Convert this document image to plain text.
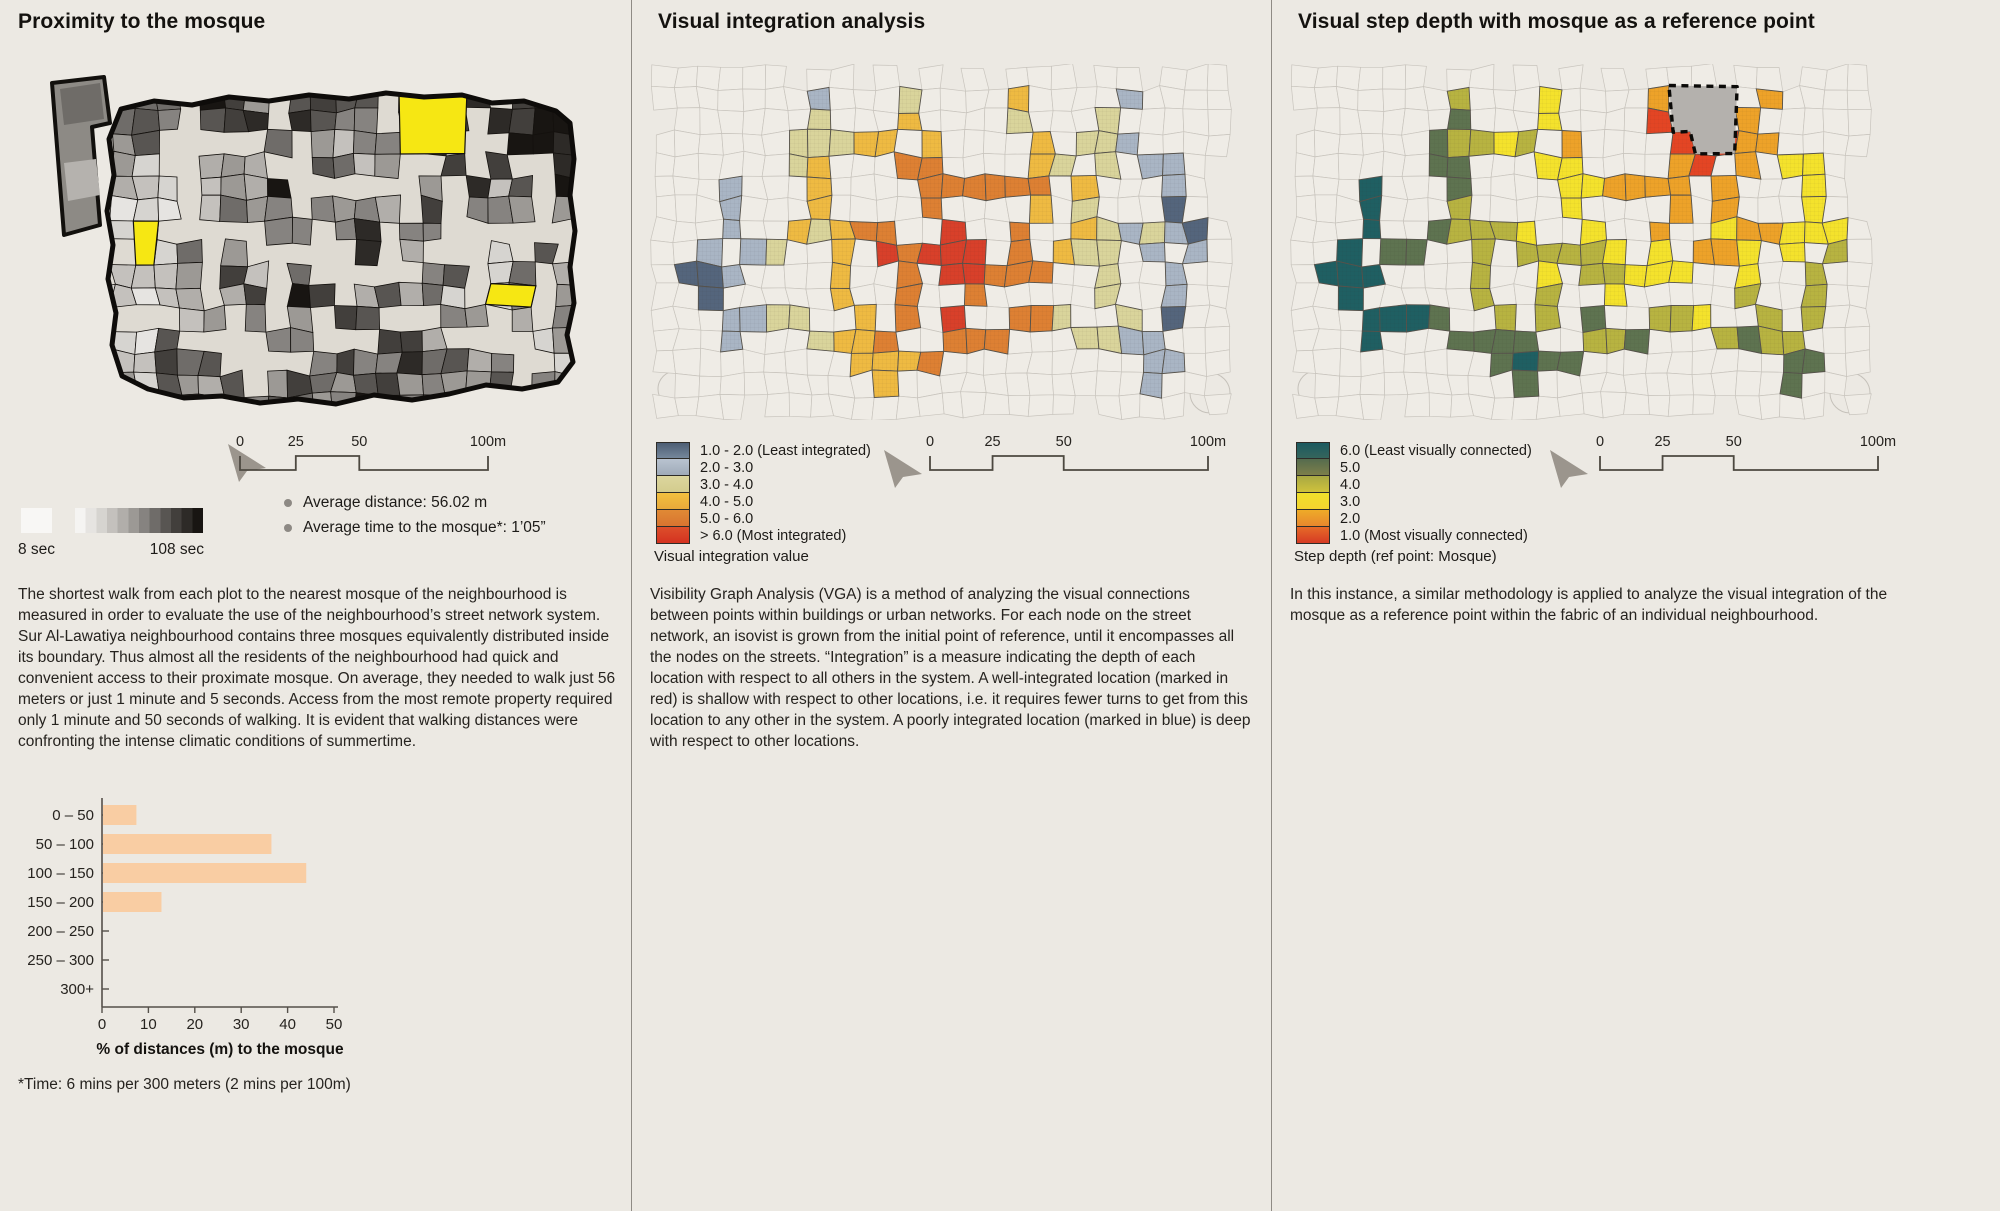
Proximity to the mosque
0	25	50	100m
Average distance: 56.02 m
Average time to the mosque*: 1’05”
8 sec	108 sec
The shortest walk from each plot to the nearest mosque of the neighbourhood is measured in order to evaluate the use of the neighbourhood’s street network system. Sur Al-Lawatiya neighbourhood contains three mosques equivalently distributed inside its boundary. Thus almost all the residents of the neighbourhood had quick and convenient access to their proximate mosque. On average, they needed to walk just 56 meters or just 1 minute and 5 seconds. Access from the most remote property required only 1 minute and 50 seconds of walking. It is evident that walking distances were confronting the intense climatic conditions of summertime.
0 – 50
50 – 100
100 – 150
150 – 200
200 – 250
250 – 300
300+
0 10 20 30 40 50
% of distances (m) to the mosque
*Time: 6 mins per 300 meters (2 mins per 100m)
Visual integration analysis
1.0 - 2.0 (Least integrated)
2.0 - 3.0
3.0 - 4.0
4.0 - 5.0
5.0 - 6.0
> 6.0 (Most integrated)
Visual integration value
0	25	50	100m
Visibility Graph Analysis (VGA) is a method of analyzing the visual connections between points within buildings or urban networks. For each node on the street network, an isovist is grown from the initial point of reference, until it encompasses all the nodes on the streets. “Integration” is a measure indicating the depth of each location with respect to all others in the system. A well-integrated location (marked in red) is shallow with respect to other locations, i.e. it requires fewer turns to get from this location to any other in the system. A poorly integrated location (marked in blue) is deep with respect to other locations.
Visual step depth with mosque as a reference point
6.0 (Least visually connected)
5.0
4.0
3.0
2.0
1.0 (Most visually connected)
Step depth (ref point: Mosque)
0	25	50	100m
In this instance, a similar methodology is applied to analyze the visual integration of the mosque as a reference point within the fabric of an individual neighbourhood.
